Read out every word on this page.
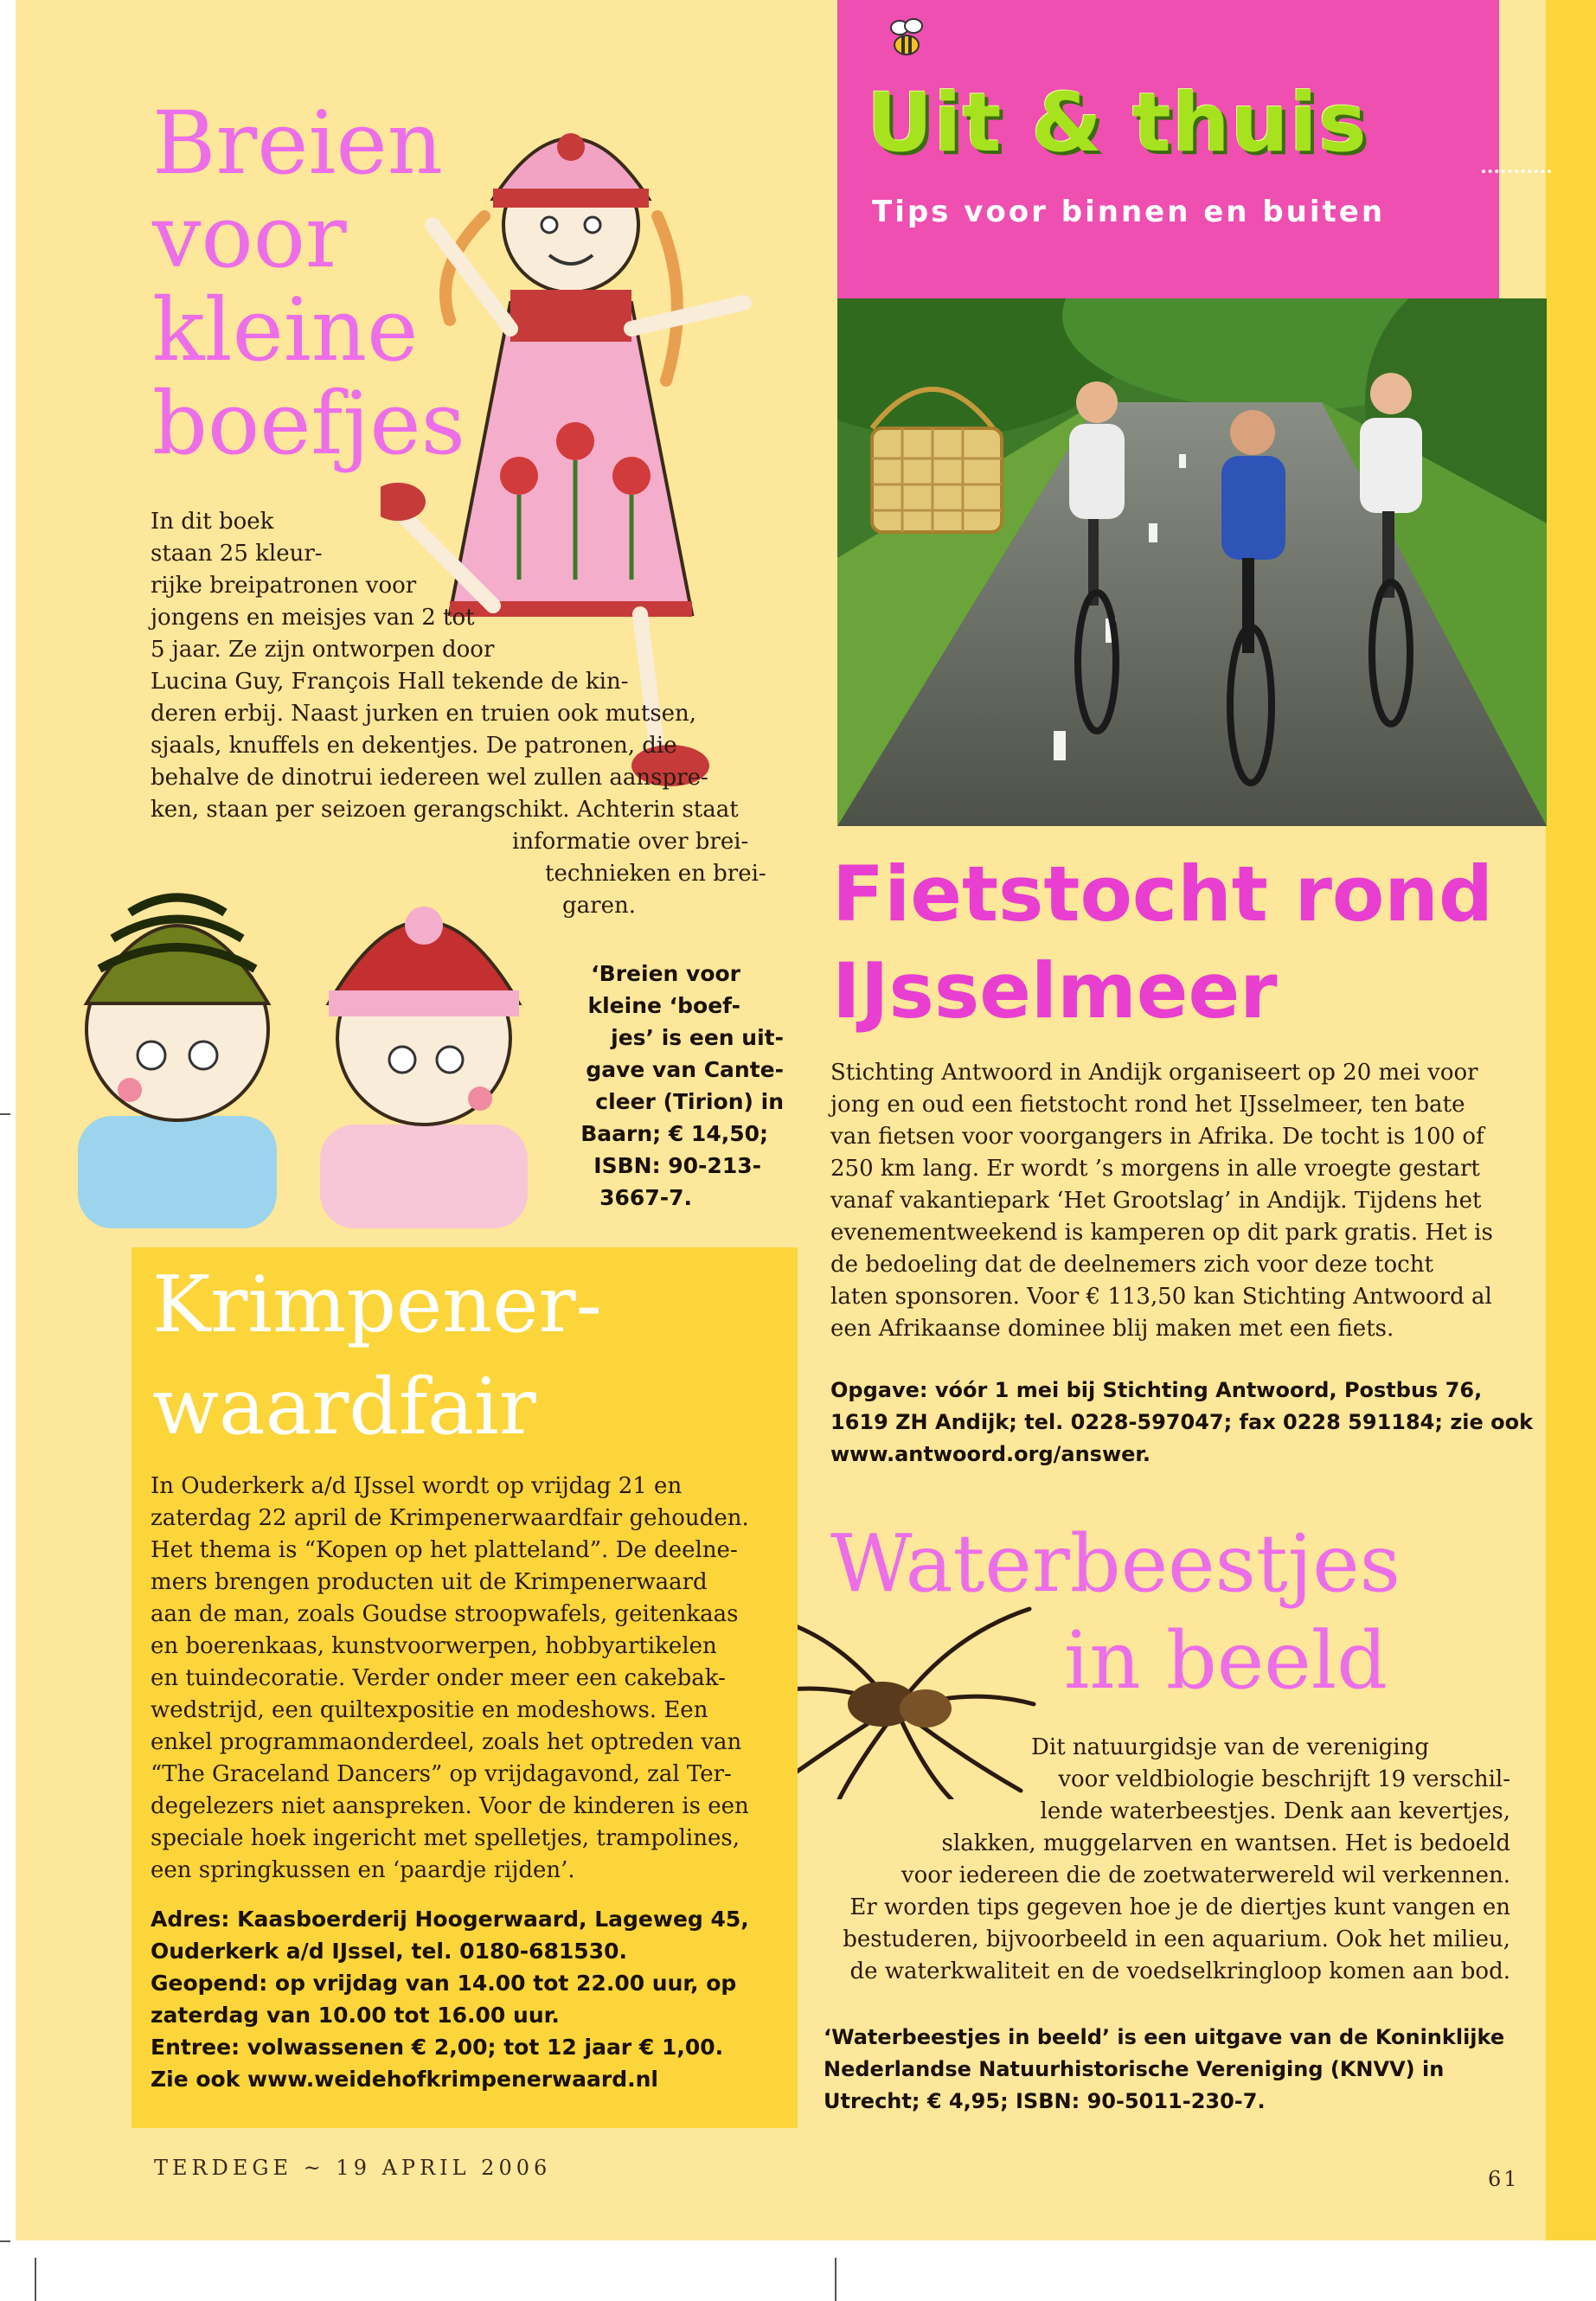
Uit & thuis
Tips voor binnen en buiten
Breien
voor
kleine
boefjes
In dit boek
staan 25 kleur-
rijke breipatronen voor
jongens en meisjes van 2 tot
5 jaar. Ze zijn ontworpen door
Lucina Guy, François Hall tekende de kin-
deren erbij. Naast jurken en truien ook mutsen,
sjaals, knuffels en dekentjes. De patronen, die
behalve de dinotrui iedereen wel zullen aanspre-
ken, staan per seizoen gerangschikt. Achterin staat
informatie over brei-
technieken en brei-
garen.
‘Breien voor
kleine ‘boef-
jes’ is een uit-
gave van Cante-
cleer (Tirion) in
Baarn; € 14,50;
ISBN: 90-213-
3667-7.
Krimpener-
waardfair
In Ouderkerk a/d IJssel wordt op vrijdag 21 en
zaterdag 22 april de Krimpenerwaardfair gehouden.
Het thema is “Kopen op het platteland”. De deelne-
mers brengen producten uit de Krimpenerwaard
aan de man, zoals Goudse stroopwafels, geitenkaas
en boerenkaas, kunstvoorwerpen, hobbyartikelen
en tuindecoratie. Verder onder meer een cakebak-
wedstrijd, een quiltexpositie en modeshows. Een
enkel programmaonderdeel, zoals het optreden van
“The Graceland Dancers” op vrijdagavond, zal Ter-
degelezers niet aanspreken. Voor de kinderen is een
speciale hoek ingericht met spelletjes, trampolines,
een springkussen en ‘paardje rijden’.
Adres: Kaasboerderij Hoogerwaard, Lageweg 45,
Ouderkerk a/d IJssel, tel. 0180-681530.
Geopend: op vrijdag van 14.00 tot 22.00 uur, op
zaterdag van 10.00 tot 16.00 uur.
Entree: volwassenen € 2,00; tot 12 jaar € 1,00.
Zie ook www.weidehofkrimpenerwaard.nl
Fietstocht rond
IJsselmeer
Stichting Antwoord in Andijk organiseert op 20 mei voor
jong en oud een fietstocht rond het IJsselmeer, ten bate
van fietsen voor voorgangers in Afrika. De tocht is 100 of
250 km lang. Er wordt ’s morgens in alle vroegte gestart
vanaf vakantiepark ‘Het Grootslag’ in Andijk. Tijdens het
evenementweekend is kamperen op dit park gratis. Het is
de bedoeling dat de deelnemers zich voor deze tocht
laten sponsoren. Voor € 113,50 kan Stichting Antwoord al
een Afrikaanse dominee blij maken met een fiets.
Opgave: vóór 1 mei bij Stichting Antwoord, Postbus 76,
1619 ZH Andijk; tel. 0228-597047; fax 0228 591184; zie ook
www.antwoord.org/answer.
Waterbeestjes
in beeld
Dit natuurgidsje van de vereniging
voor veldbiologie beschrijft 19 verschil-
lende waterbeestjes. Denk aan kevertjes,
slakken, muggelarven en wantsen. Het is bedoeld
voor iedereen die de zoetwaterwereld wil verkennen.
Er worden tips gegeven hoe je de diertjes kunt vangen en
bestuderen, bijvoorbeeld in een aquarium. Ook het milieu,
de waterkwaliteit en de voedselkringloop komen aan bod.
‘Waterbeestjes in beeld’ is een uitgave van de Koninklijke
Nederlandse Natuurhistorische Vereniging (KNVV) in
Utrecht; € 4,95; ISBN: 90-5011-230-7.
TERDEGE ~ 19 APRIL 2006	61
